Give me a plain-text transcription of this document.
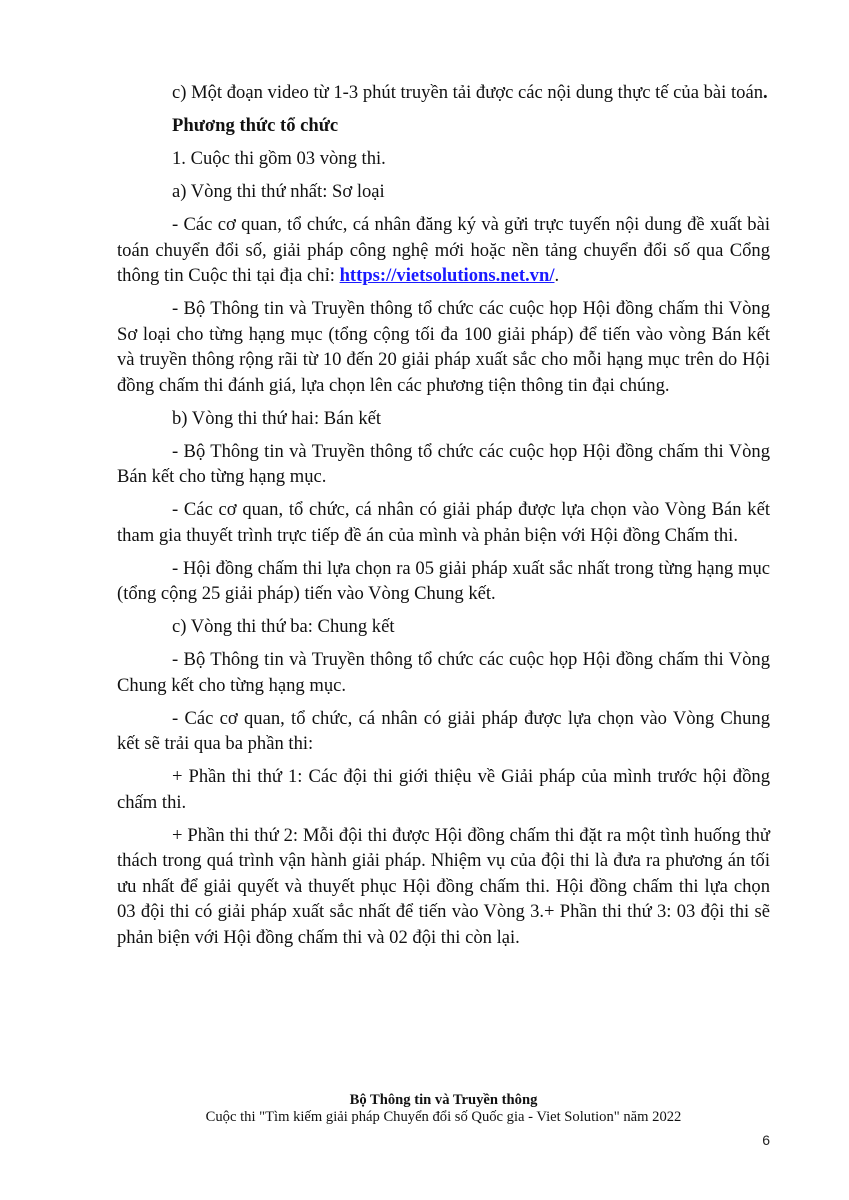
c) Một đoạn video từ 1-3 phút truyền tải được các nội dung thực tế của bài toán.

Phương thức tổ chức

1. Cuộc thi gồm 03 vòng thi.

a) Vòng thi thứ nhất: Sơ loại

- Các cơ quan, tổ chức, cá nhân đăng ký và gửi trực tuyến nội dung đề xuất bài toán chuyển đổi số, giải pháp công nghệ mới hoặc nền tảng chuyển đổi số qua Cổng thông tin Cuộc thi tại địa chỉ: https://vietsolutions.net.vn/.

- Bộ Thông tin và Truyền thông tổ chức các cuộc họp Hội đồng chấm thi Vòng Sơ loại cho từng hạng mục (tổng cộng tối đa 100 giải pháp) để tiến vào vòng Bán kết và truyền thông rộng rãi từ 10 đến 20 giải pháp xuất sắc cho mỗi hạng mục trên do Hội đồng chấm thi đánh giá, lựa chọn lên các phương tiện thông tin đại chúng.

b) Vòng thi thứ hai: Bán kết

- Bộ Thông tin và Truyền thông tổ chức các cuộc họp Hội đồng chấm thi Vòng Bán kết cho từng hạng mục.

- Các cơ quan, tổ chức, cá nhân có giải pháp được lựa chọn vào Vòng Bán kết tham gia thuyết trình trực tiếp đề án của mình và phản biện với Hội đồng Chấm thi.

- Hội đồng chấm thi lựa chọn ra 05 giải pháp xuất sắc nhất trong từng hạng mục (tổng cộng 25 giải pháp) tiến vào Vòng Chung kết.

c) Vòng thi thứ ba: Chung kết

- Bộ Thông tin và Truyền thông tổ chức các cuộc họp Hội đồng chấm thi Vòng Chung kết cho từng hạng mục.

- Các cơ quan, tổ chức, cá nhân có giải pháp được lựa chọn vào Vòng Chung kết sẽ trải qua ba phần thi:

+ Phần thi thứ 1: Các đội thi giới thiệu về Giải pháp của mình trước hội đồng chấm thi.

+ Phần thi thứ 2: Mỗi đội thi được Hội đồng chấm thi đặt ra một tình huống thử thách trong quá trình vận hành giải pháp. Nhiệm vụ của đội thi là đưa ra phương án tối ưu nhất để giải quyết và thuyết phục Hội đồng chấm thi. Hội đồng chấm thi lựa chọn 03 đội thi có giải pháp xuất sắc nhất để tiến vào Vòng 3.+ Phần thi thứ 3: 03 đội thi sẽ phản biện với Hội đồng chấm thi và 02 đội thi còn lại.

Bộ Thông tin và Truyền thông
Cuộc thi "Tìm kiếm giải pháp Chuyển đổi số Quốc gia - Viet Solution" năm 2022
6
